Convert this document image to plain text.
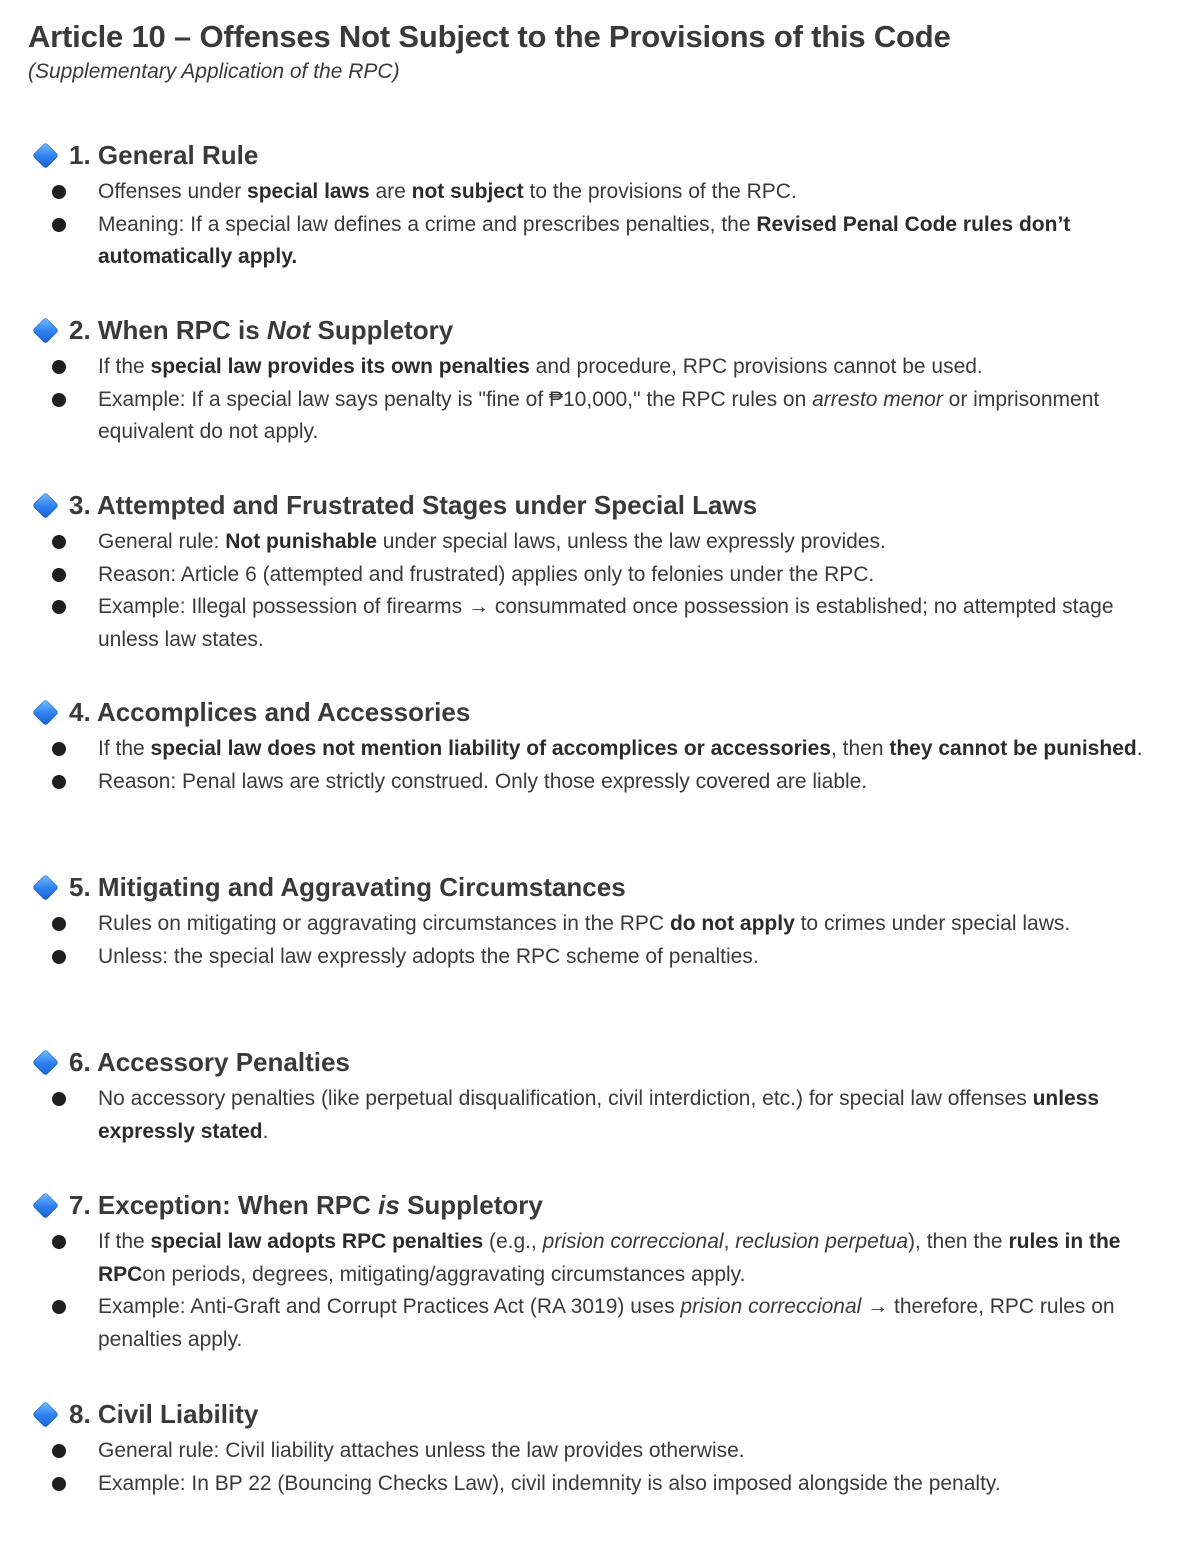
Article 10 – Offenses Not Subject to the Provisions of this Code

(Supplementary Application of the RPC)

1. General Rule
Offenses under special laws are not subject to the provisions of the RPC.
Meaning: If a special law defines a crime and prescribes penalties, the Revised Penal Code rules don’t automatically apply.
2. When RPC is Not Suppletory
If the special law provides its own penalties and procedure, RPC provisions cannot be used.
Example: If a special law says penalty is "fine of ₱10,000," the RPC rules on arresto menor or imprisonment equivalent do not apply.
3. Attempted and Frustrated Stages under Special Laws
General rule: Not punishable under special laws, unless the law expressly provides.
Reason: Article 6 (attempted and frustrated) applies only to felonies under the RPC.
Example: Illegal possession of firearms → consummated once possession is established; no attempted stage unless law states.
4. Accomplices and Accessories
If the special law does not mention liability of accomplices or accessories, then they cannot be punished.
Reason: Penal laws are strictly construed. Only those expressly covered are liable.
5. Mitigating and Aggravating Circumstances
Rules on mitigating or aggravating circumstances in the RPC do not apply to crimes under special laws.
Unless: the special law expressly adopts the RPC scheme of penalties.
6. Accessory Penalties
No accessory penalties (like perpetual disqualification, civil interdiction, etc.) for special law offenses unless expressly stated.
7. Exception: When RPC is Suppletory
If the special law adopts RPC penalties (e.g., prision correccional, reclusion perpetua), then the rules in the RPCon periods, degrees, mitigating/aggravating circumstances apply.
Example: Anti-Graft and Corrupt Practices Act (RA 3019) uses prision correccional → therefore, RPC rules on penalties apply.
8. Civil Liability
General rule: Civil liability attaches unless the law provides otherwise.
Example: In BP 22 (Bouncing Checks Law), civil indemnity is also imposed alongside the penalty.
